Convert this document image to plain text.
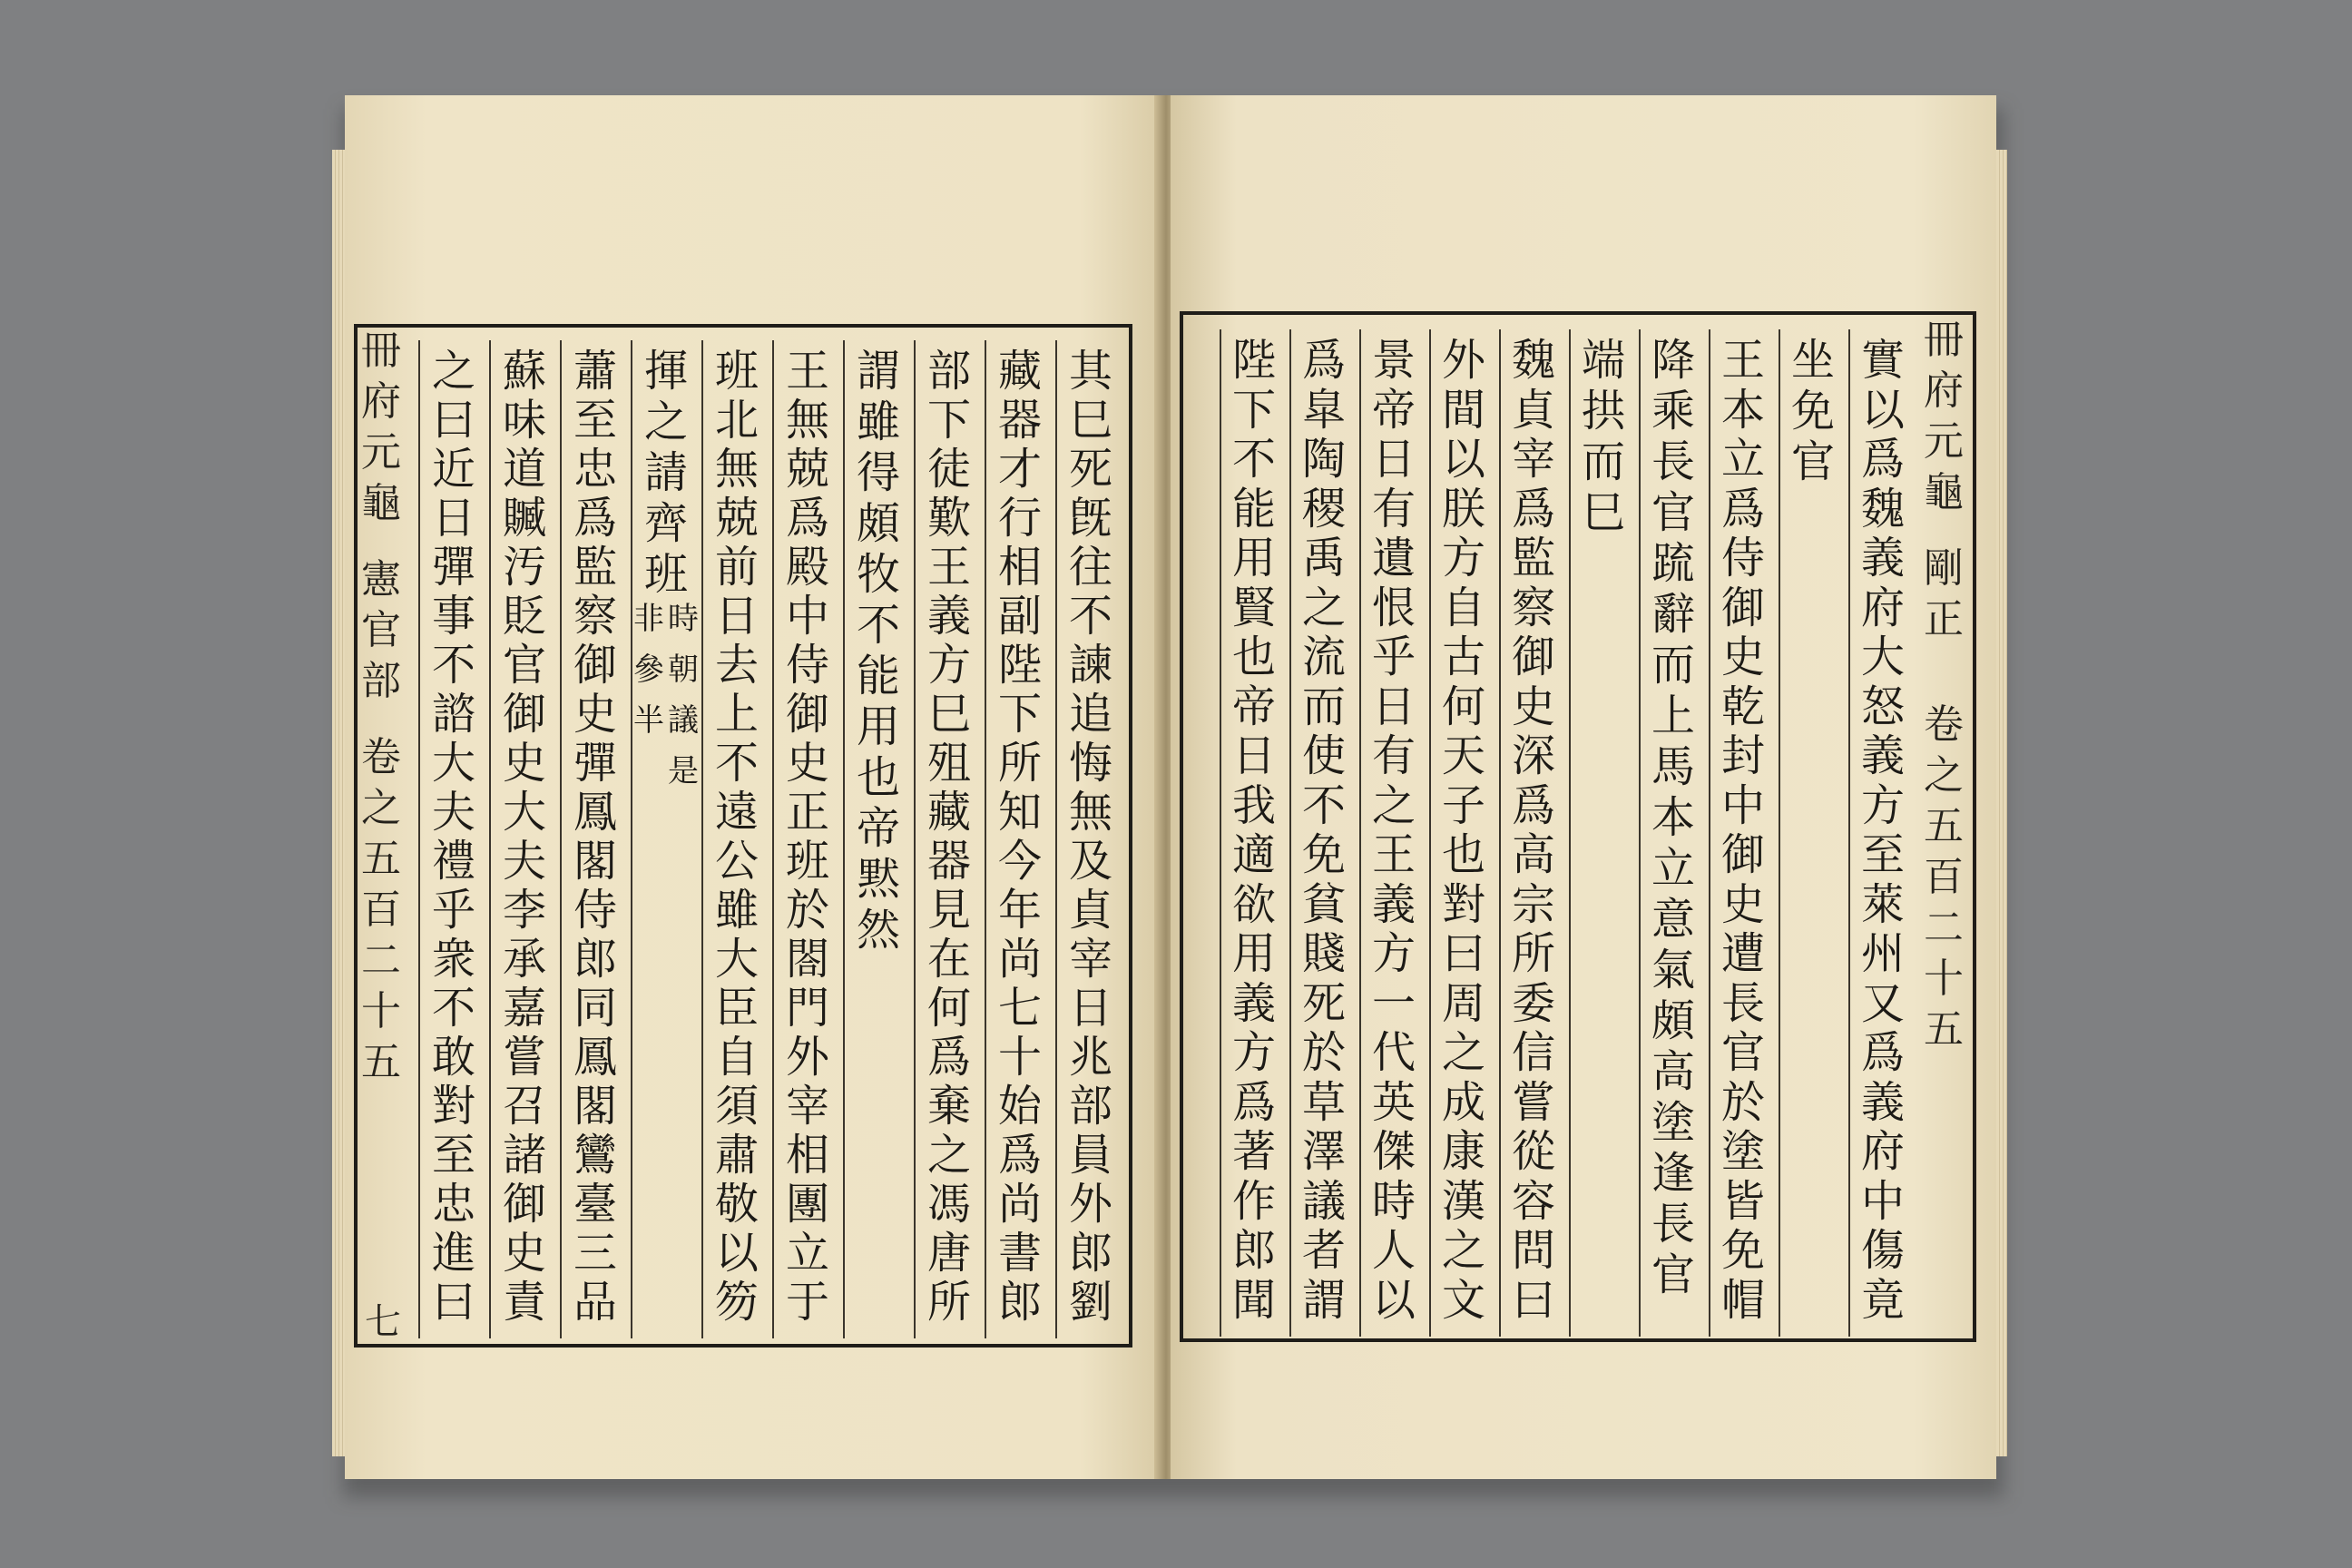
其
巳
死
旣
往
不
諫
追
悔
無
及
貞
宰
日
兆
部
員
外
郎
劉
藏
器
才
行
相
副
陛
下
所
知
今
年
尚
七
十
始
爲
尚
書
郎
部
下
徒
歎
王
義
方
巳
殂
藏
器
見
在
何
爲
棄
之
馮
唐
所
謂
雖
得
頗
牧
不
能
用
也
帝
黙
然
王
無
兢
爲
殿
中
侍
御
史
正
班
於
閤
門
外
宰
相
團
立
于
班
北
無
兢
前
日
去
上
不
遠
公
雖
大
臣
自
須
肅
敬
以
笏
揮
之
請
齊
班
時
朝
議
是
非
參
半
蕭
至
忠
爲
監
察
御
史
彈
鳳
閣
侍
郎
同
鳳
閣
鸞
臺
三
品
蘇
味
道
贓
汚
貶
官
御
史
大
夫
李
承
嘉
嘗
召
諸
御
史
責
之
曰
近
日
彈
事
不
諮
大
夫
禮
乎
衆
不
敢
對
至
忠
進
曰
冊
府
元
龜
憲
官
部
卷
之
五
百
二
十
五
七
實
以
爲
魏
義
府
大
怒
義
方
至
萊
州
又
爲
義
府
中
傷
竟
坐
免
官
王
本
立
爲
侍
御
史
乾
封
中
御
史
遭
長
官
於
塗
皆
免
帽
降
乘
長
官
䟽
辭
而
上
馬
本
立
意
氣
頗
高
塗
逢
長
官
端
拱
而
巳
魏
貞
宰
爲
監
察
御
史
深
爲
高
宗
所
委
信
嘗
從
容
問
曰
外
間
以
朕
方
自
古
何
天
子
也
對
曰
周
之
成
康
漢
之
文
景
帝
日
有
遺
恨
乎
日
有
之
王
義
方
一
代
英
傑
時
人
以
爲
皐
陶
稷
禹
之
流
而
使
不
免
貧
賤
死
於
草
澤
議
者
謂
陛
下
不
能
用
賢
也
帝
日
我
適
欲
用
義
方
爲
著
作
郎
聞
冊
府
元
龜
剛
正
卷
之
五
百
二
十
五
